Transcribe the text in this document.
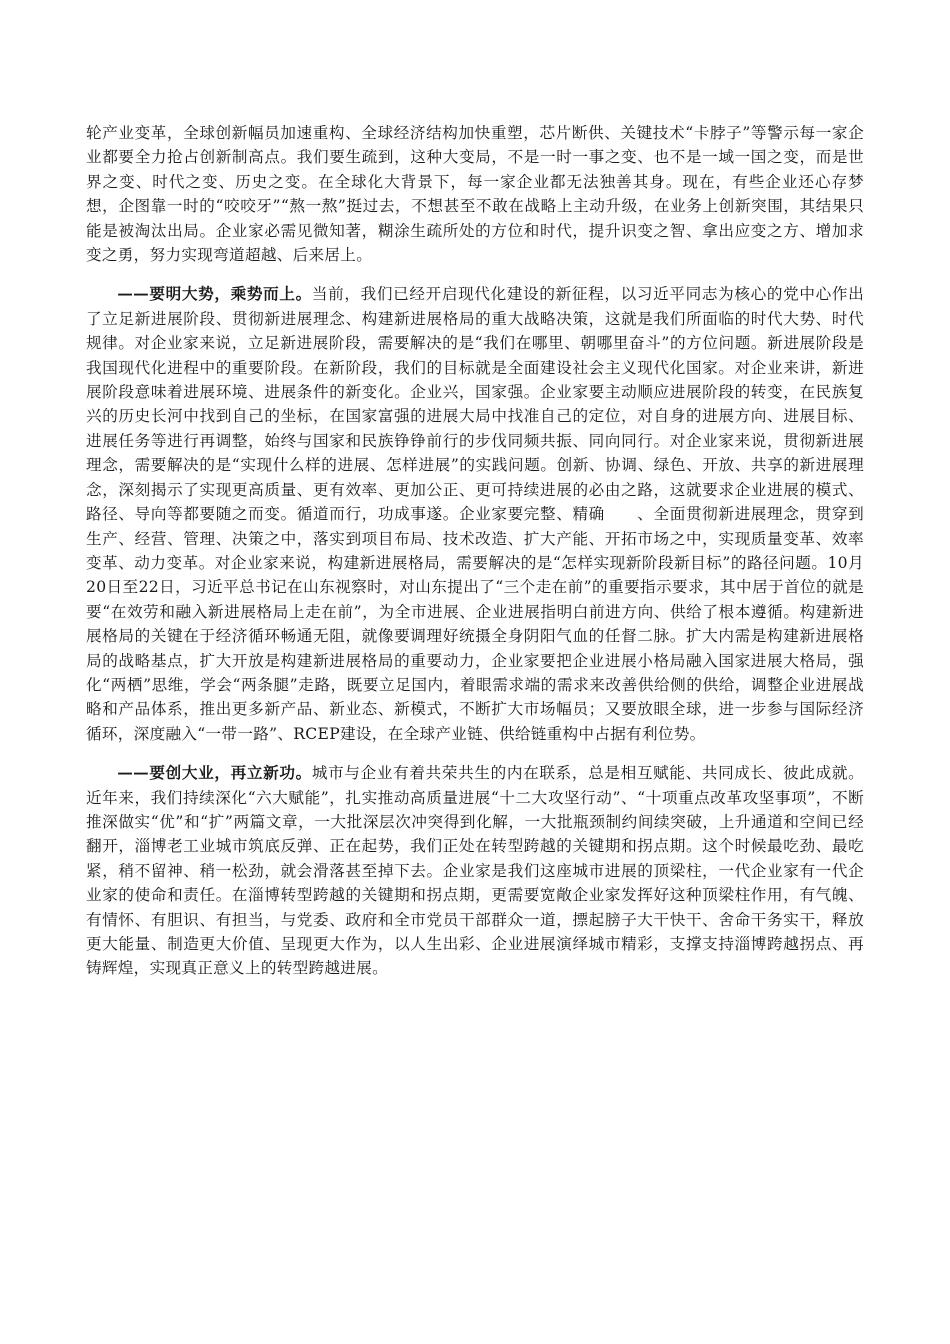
轮产业变革，全球创新幅员加速重构、全球经济结构加快重塑，芯片断供、关键技术“卡脖子”等警示每一家企业都要全力抢占创新制高点。我们要生疏到，这种大变局，不是一时一事之变、也不是一域一国之变，而是世界之变、时代之变、历史之变。在全球化大背景下，每一家企业都无法独善其身。现在，有些企业还心存梦想，企图靠一时的“咬咬牙”“熬一熬”挺过去，不想甚至不敢在战略上主动升级，在业务上创新突围，其结果只能是被淘汰出局。企业家必需见微知著，糊涂生疏所处的方位和时代，提升识变之智、拿出应变之方、增加求变之勇，努力实现弯道超越、后来居上。

——要明大势，乘势而上。当前，我们已经开启现代化建设的新征程，以习近平同志为核心的党中心作出了立足新进展阶段、贯彻新进展理念、构建新进展格局的重大战略决策，这就是我们所面临的时代大势、时代规律。对企业家来说，立足新进展阶段，需要解决的是“我们在哪里、朝哪里奋斗”的方位问题。新进展阶段是我国现代化进程中的重要阶段。在新阶段，我们的目标就是全面建设社会主义现代化国家。对企业来讲，新进展阶段意味着进展环境、进展条件的新变化。企业兴，国家强。企业家要主动顺应进展阶段的转变，在民族复兴的历史长河中找到自己的坐标，在国家富强的进展大局中找准自己的定位，对自身的进展方向、进展目标、进展任务等进行再调整，始终与国家和民族铮铮前行的步伐同频共振、同向同行。对企业家来说，贯彻新进展理念，需要解决的是“实现什么样的进展、怎样进展”的实践问题。创新、协调、绿色、开放、共享的新进展理念，深刻揭示了实现更高质量、更有效率、更加公正、更可持续进展的必由之路，这就要求企业进展的模式、路径、导向等都要随之而变。循道而行，功成事遂。企业家要完整、精确　　、全面贯彻新进展理念，贯穿到生产、经营、管理、决策之中，落实到项目布局、技术改造、扩大产能、开拓市场之中，实现质量变革、效率变革、动力变革。对企业家来说，构建新进展格局，需要解决的是“怎样实现新阶段新目标”的路径问题。10月20日至22日，习近平总书记在山东视察时，对山东提出了“三个走在前”的重要指示要求，其中居于首位的就是要“在效劳和融入新进展格局上走在前”，为全市进展、企业进展指明白前进方向、供给了根本遵循。构建新进展格局的关键在于经济循环畅通无阻，就像要调理好统摄全身阴阳气血的任督二脉。扩大内需是构建新进展格局的战略基点，扩大开放是构建新进展格局的重要动力，企业家要把企业进展小格局融入国家进展大格局，强化“两栖”思维，学会“两条腿”走路，既要立足国内，着眼需求端的需求来改善供给侧的供给，调整企业进展战略和产品体系，推出更多新产品、新业态、新模式，不断扩大市场幅员；又要放眼全球，进一步参与国际经济循环，深度融入“一带一路”、RCEP建设，在全球产业链、供给链重构中占据有利位势。

——要创大业，再立新功。城市与企业有着共荣共生的内在联系，总是相互赋能、共同成长、彼此成就。近年来，我们持续深化“六大赋能”，扎实推动高质量进展“十二大攻坚行动”、“十项重点改革攻坚事项”，不断推深做实“优”和“扩”两篇文章，一大批深层次冲突得到化解，一大批瓶颈制约间续突破，上升通道和空间已经翻开，淄博老工业城市筑底反弹、正在起势，我们正处在转型跨越的关键期和拐点期。这个时候最吃劲、最吃紧，稍不留神、稍一松劲，就会滑落甚至掉下去。企业家是我们这座城市进展的顶梁柱，一代企业家有一代企业家的使命和责任。在淄博转型跨越的关键期和拐点期，更需要宽敞企业家发挥好这种顶梁柱作用，有气魄、有情怀、有胆识、有担当，与党委、政府和全市党员干部群众一道，摽起膀子大干快干、舍命干务实干，释放更大能量、制造更大价值、呈现更大作为，以人生出彩、企业进展演绎城市精彩，支撑支持淄博跨越拐点、再铸辉煌，实现真正意义上的转型跨越进展。
